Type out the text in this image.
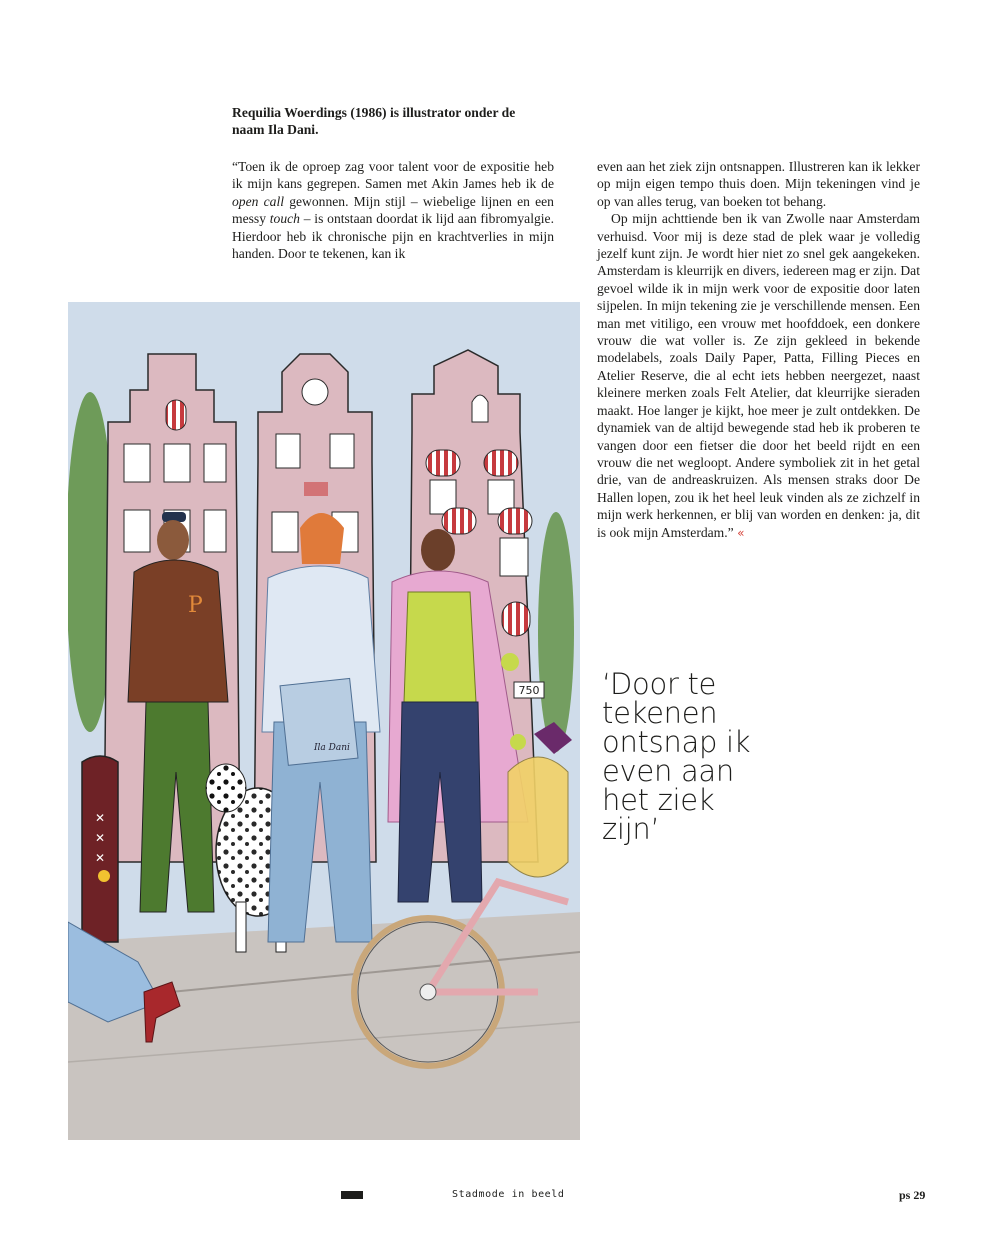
Requilia Woerdings (1986) is illustrator onder de naam Ila Dani.

“Toen ik de oproep zag voor talent voor de expositie heb ik mijn kans gegrepen. Samen met Akin James heb ik de open call gewonnen. Mijn stijl – wiebelige lijnen en een messy touch – is ontstaan doordat ik lijd aan fibromyalgie. Hierdoor heb ik chronische pijn en krachtverlies in mijn handen. Door te tekenen, kan ik

even aan het ziek zijn ontsnappen. Illustreren kan ik lekker op mijn eigen tempo thuis doen. Mijn tekeningen vind je op van alles terug, van boeken tot behang.

Op mijn achttiende ben ik van Zwolle naar Amsterdam verhuisd. Voor mij is deze stad de plek waar je volledig jezelf kunt zijn. Je wordt hier niet zo snel gek aangekeken. Amsterdam is kleurrijk en divers, iedereen mag er zijn. Dat gevoel wilde ik in mijn werk voor de expositie door laten sijpelen. In mijn tekening zie je verschillende mensen. Een man met vitiligo, een vrouw met hoofddoek, een donkere vrouw die wat voller is. Ze zijn gekleed in bekende modelabels, zoals Daily Paper, Patta, Filling Pieces en Atelier Reserve, die al echt iets hebben neergezet, naast kleinere merken zoals Felt Atelier, dat kleurrijke sieraden maakt. Hoe langer je kijkt, hoe meer je zult ontdekken. De dynamiek van de altijd bewegende stad heb ik proberen te vangen door een fietser die door het beeld rijdt en een vrouw die net wegloopt. Andere symboliek zit in het getal drie, van de andreaskruizen. Als mensen straks door De Hallen lopen, zou ik het heel leuk vinden als ze zichzelf in mijn werk herkennen, er blij van worden en denken: ja, dit is ook mijn Amsterdam.” «

‘Door te
tekenen
ontsnap ik
even aan
het ziek
zijn’
750
✕
✕
✕
P
Ila Dani
Stadmode in beeld	ps 29
